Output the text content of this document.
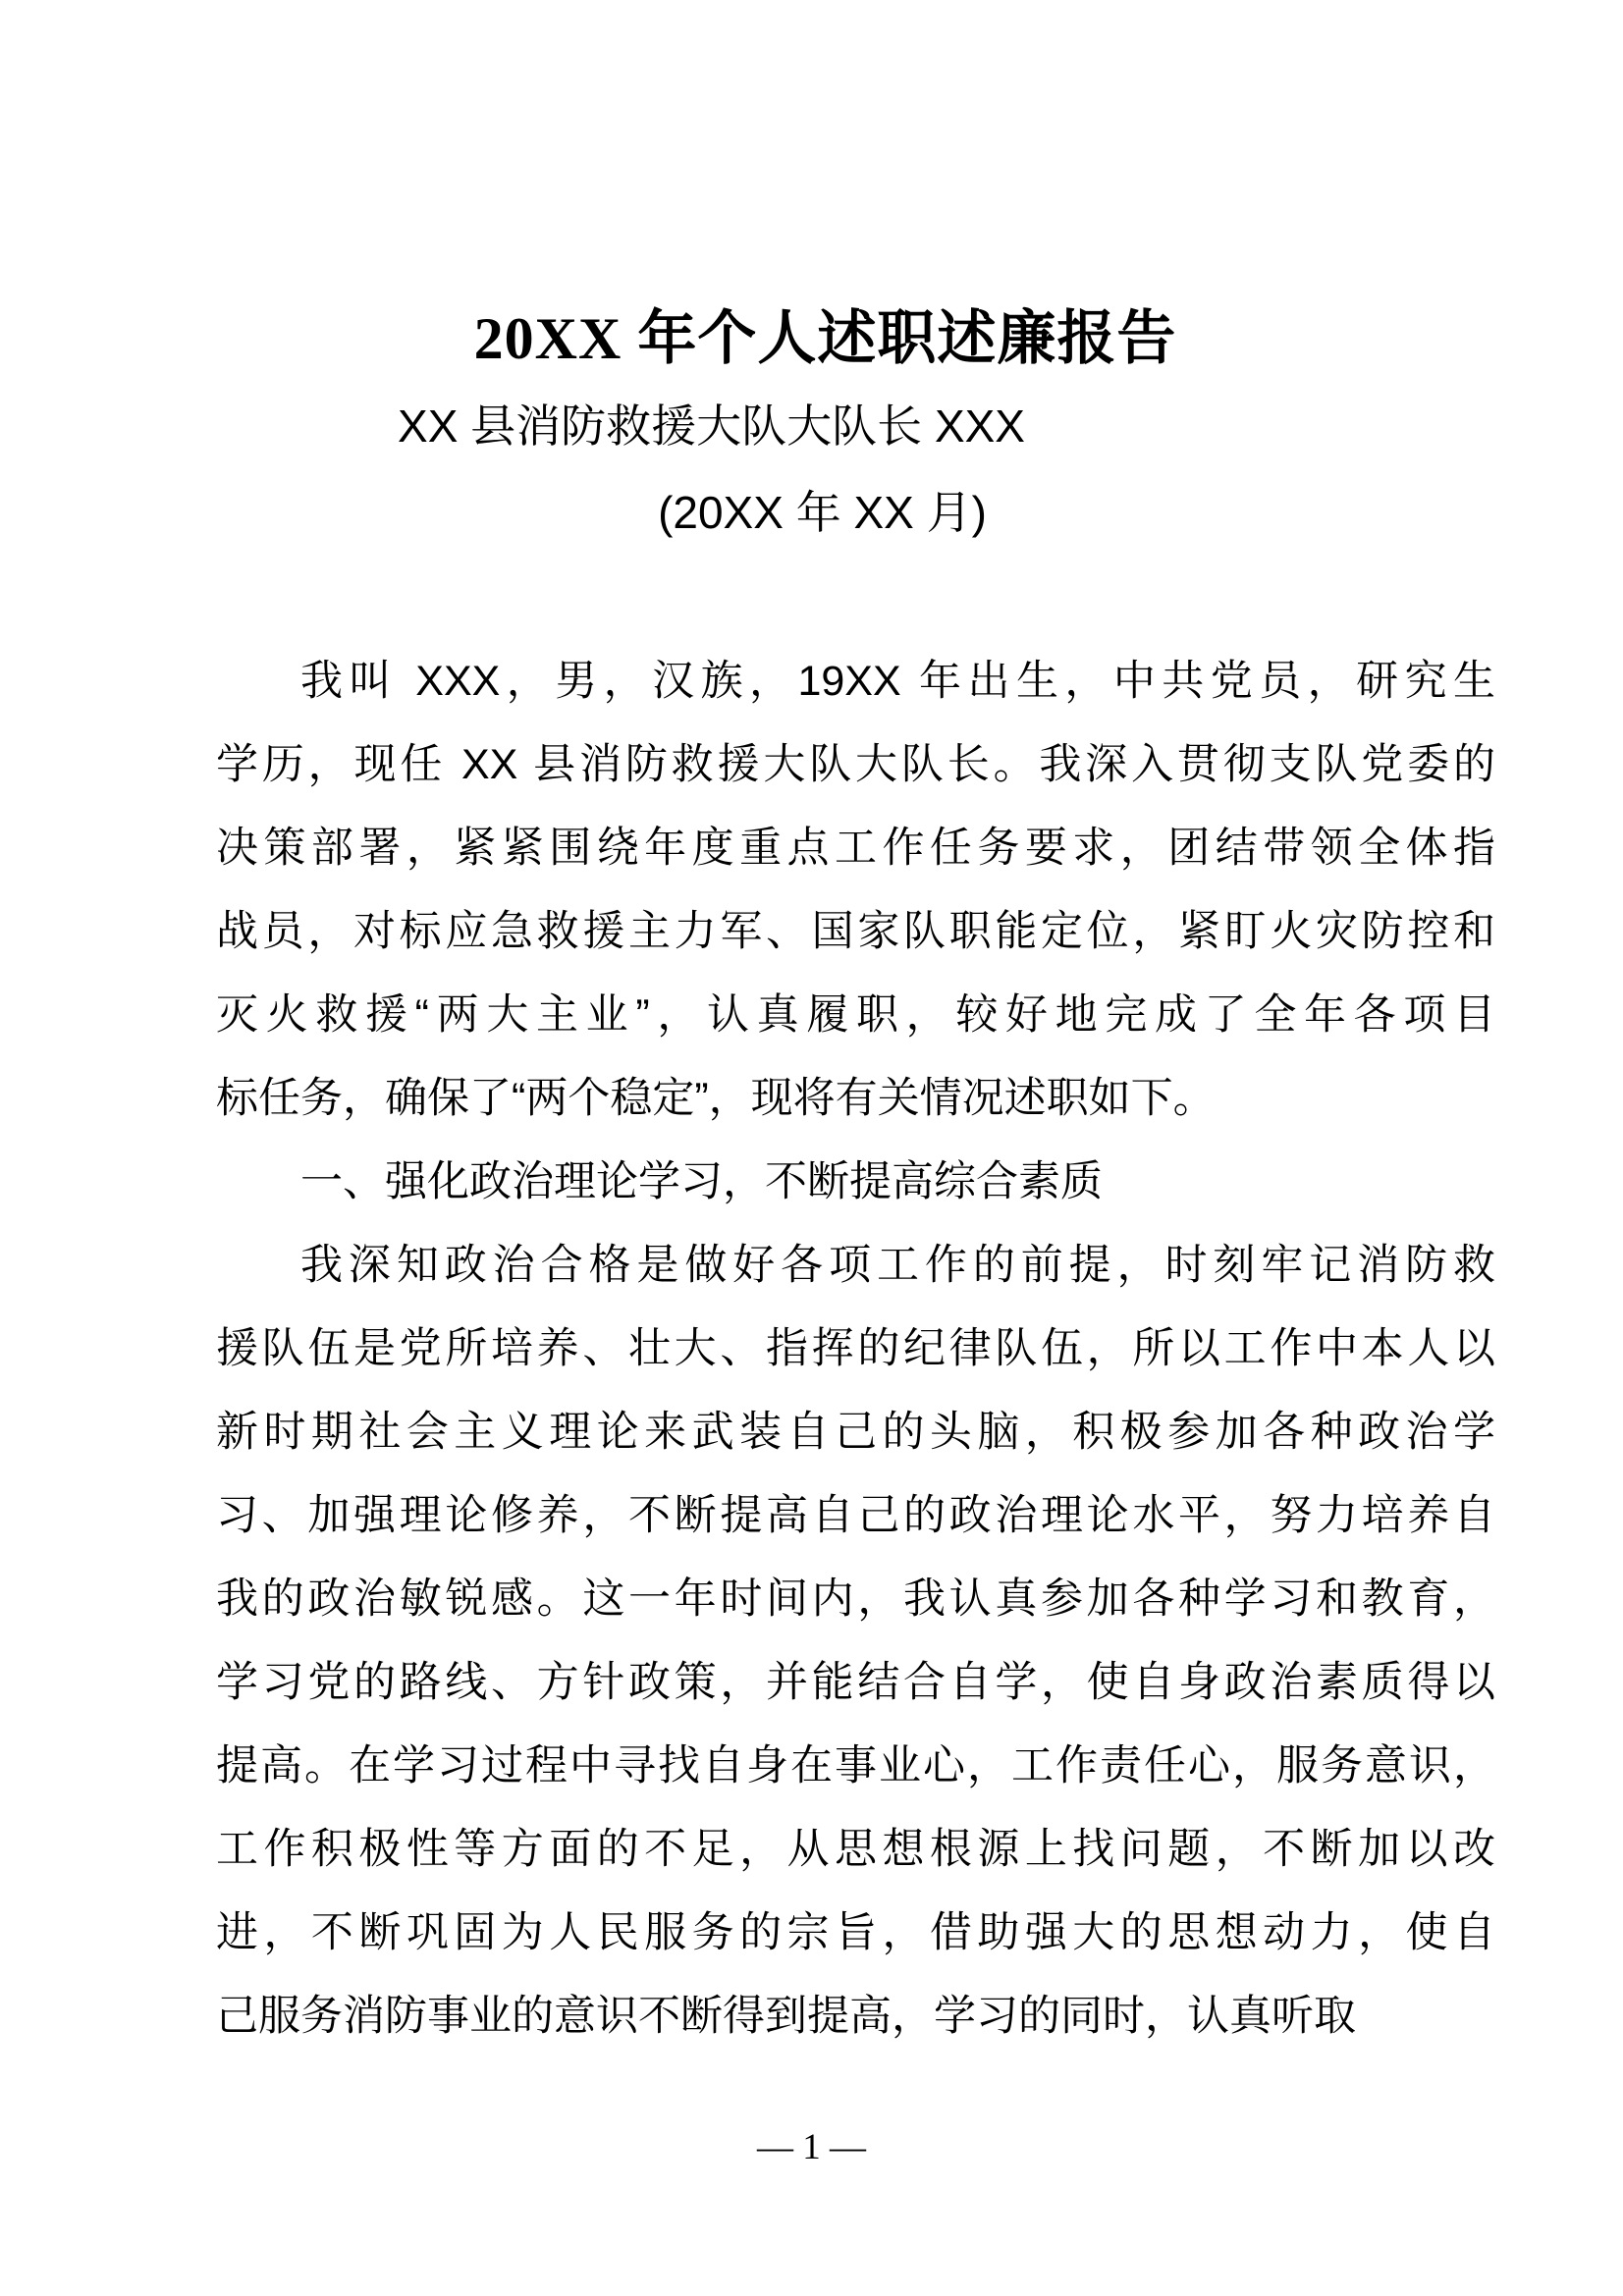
20XX 年个人述职述廉报告
XX 县消防救援大队大队长 XXX
(20XX 年 XX 月)
我叫 XXX，男，汉族，19XX 年出生，中共党员，研究生
学历，现任 XX 县消防救援大队大队长。我深入贯彻支队党委的
决策部署，紧紧围绕年度重点工作任务要求，团结带领全体指
战员，对标应急救援主力军、国家队职能定位，紧盯火灾防控和
灭火救援“两大主业”，认真履职，较好地完成了全年各项目
标任务，确保了“两个稳定”，现将有关情况述职如下。
一、强化政治理论学习，不断提高综合素质
我深知政治合格是做好各项工作的前提，时刻牢记消防救
援队伍是党所培养、壮大、指挥的纪律队伍，所以工作中本人以
新时期社会主义理论来武装自己的头脑，积极参加各种政治学
习、加强理论修养，不断提高自己的政治理论水平，努力培养自
我的政治敏锐感。这一年时间内，我认真参加各种学习和教育，
学习党的路线、方针政策，并能结合自学，使自身政治素质得以
提高。在学习过程中寻找自身在事业心，工作责任心，服务意识，
工作积极性等方面的不足，从思想根源上找问题，不断加以改
进，不断巩固为人民服务的宗旨，借助强大的思想动力，使自
己服务消防事业的意识不断得到提高，学习的同时，认真听取
— 1 —
